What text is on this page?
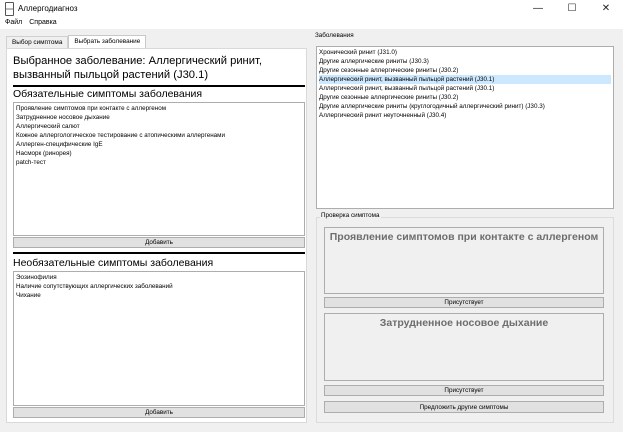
Аллергодиагноз	—	☐	✕
Файл	Справка
Выбор симптома	Выбрать заболевание
Выбранное заболевание: Аллергический ринит, вызванный пыльцой растений (J30.1)
Обязательные симптомы заболевания
Проявление симптомов при контакте с аллергеном
Затрудненное носовое дыхание
Аллергический салют
Кожное аллергологическое тестирование с атопическими аллергенами
Аллерген-специфические IgE
Насморк (ринорея)
patch-тест
Добавить
Необязательные симптомы заболевания
Эозинофилия
Наличие сопутствующих аллергических заболеваний
Чихание
Добавить
Заболевания
Хронический ринит (J31.0)
Другие аллергические риниты (J30.3)
Другие сезонные аллергические риниты (J30.2)
Аллергический ринит, вызванный пыльцой растений (J30.1)
Аллергический ринит, вызванный пыльцой растений (J30.1)
Другие сезонные аллергические риниты (J30.2)
Другие аллергические риниты (круглогодичный аллергический ринит) (J30.3)
Аллергический ринит неуточненный (J30.4)
Проверка симптома
Проявление симптомов при контакте с аллергеном
Присутствует
Затрудненное носовое дыхание
Присутствует
Предложить другие симптомы
